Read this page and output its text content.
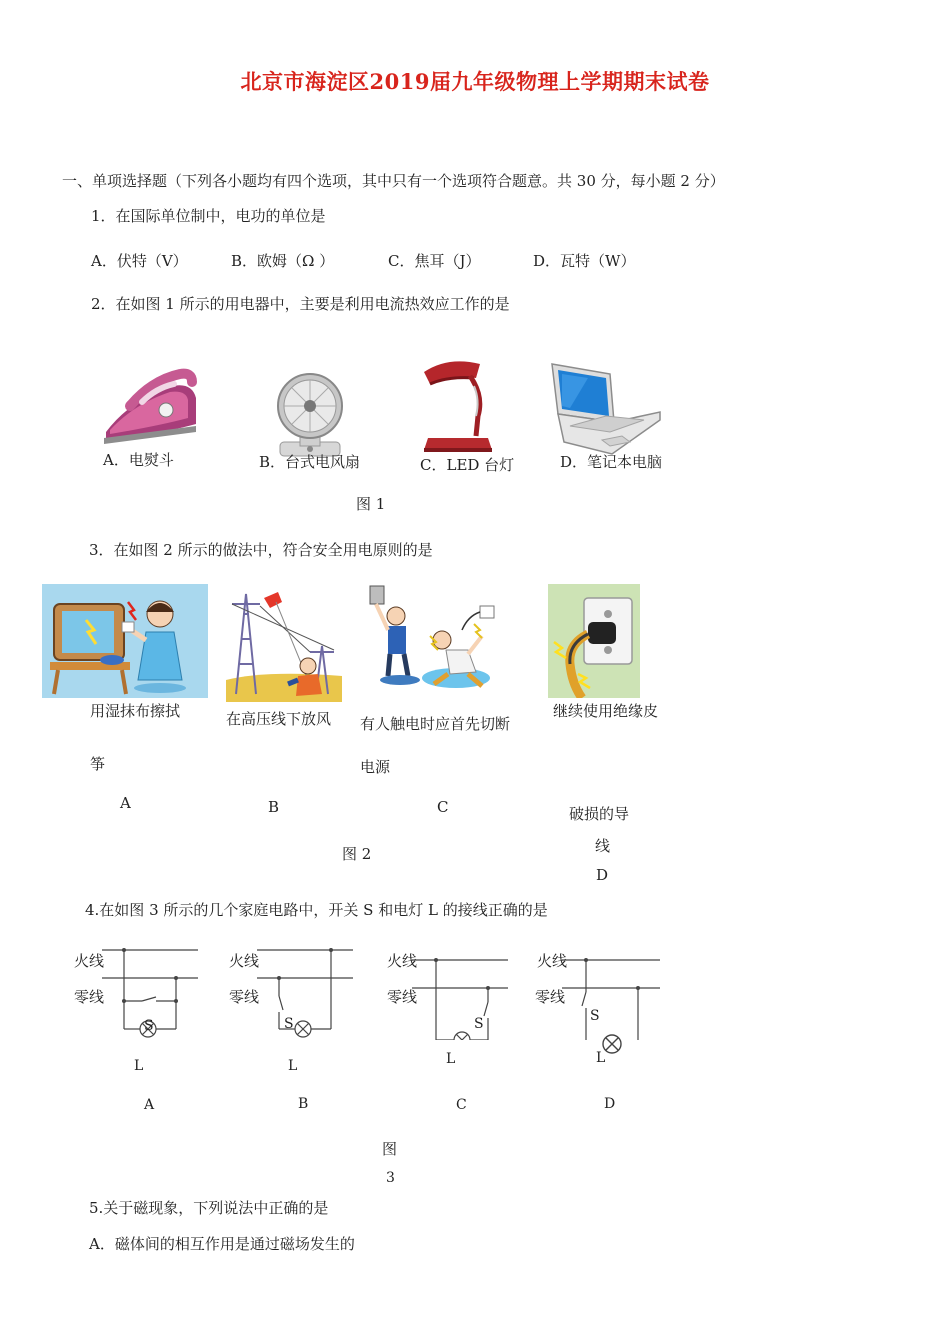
北京市海淀区2019届九年级物理上学期期末试卷
一、单项选择题（下列各小题均有四个选项，其中只有一个选项符合题意。共 30 分，每小题 2 分）
1．在国际单位制中，电功的单位是
A．伏特（V）	B．欧姆（Ω ）	C．焦耳（J）	D．瓦特（W）
2．在如图 1 所示的用电器中，主要是利用电流热效应工作的是
A．电熨斗	B．台式电风扇	C．LED 台灯	D．笔记本电脑
图 1
3．在如图 2 所示的做法中，符合安全用电原则的是
用湿抹布擦拭
筝
在高压线下放风 有人触电时应首先切断
电源
继续使用绝缘皮
破损的导
线
A	B	C
D
图 2
4.在如图 3 所示的几个家庭电路中，开关 S 和电灯 L 的接线正确的是
火线
零线
火线
零线
火线
零线
火线
零线
S	S	S	S
L	L	L	L
A	B	C	D
图
3
5.关于磁现象，下列说法中正确的是
A．磁体间的相互作用是通过磁场发生的
